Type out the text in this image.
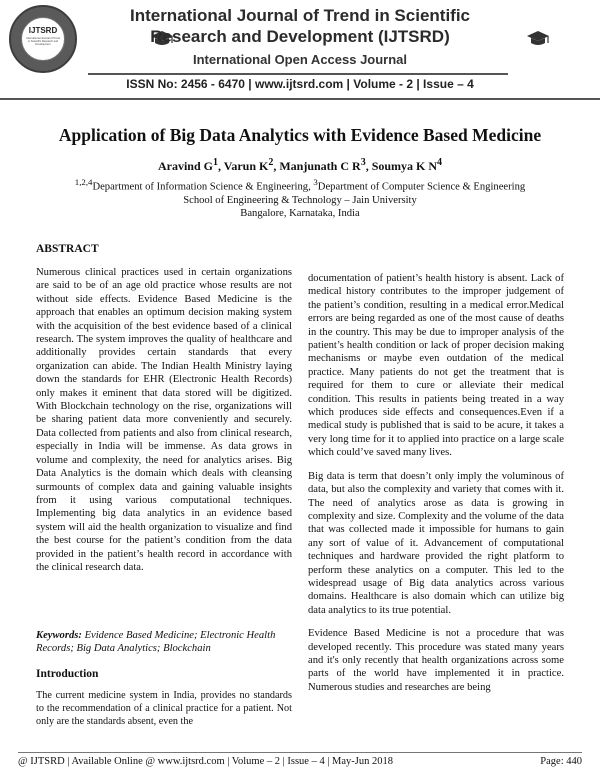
IJTSRD
International Journal of Trend in Scientific Research and Development
International Journal of Trend in Scientific
Research and Development (IJTSRD)
International Open Access Journal
ISSN No: 2456 - 6470 | www.ijtsrd.com | Volume - 2 | Issue – 4
Application of Big Data Analytics with Evidence Based Medicine
Aravind $G^1$, Varun $K^2$, Manjunath C $R^3$, Soumya K $N^4$
$^{1,2,4}$Department of Information Science & Engineering, $^3$Department of Computer Science & Engineering
School of Engineering & Technology – Jain University
Bangalore, Karnataka, India
ABSTRACT
Numerous clinical practices used in certain organizations are said to be of an age old practice whose results are not without side effects. Evidence Based Medicine is the approach that enables an optimum decision making system with the acquisition of the best evidence based of a clinical research. The system improves the quality of healthcare and additionally provides certain standards that every organization can abide. The Indian Health Ministry laying down the standards for EHR (Electronic Health Records) only makes it eminent that data stored will be digitized. With Blockchain technology on the rise, organizations will be sharing patient data more conveniently and securely. Data collected from patients and also from clinical research, especially in India will be immense. As data grows in volume and complexity, the need for analytics arises. Big Data Analytics is the domain which deals with cleansing surmounts of complex data and gaining valuable insights from it using various computational techniques. Implementing big data analytics in an evidence based system will aid the health organization to visualize and find the best course for the patient’s condition from the data provided in the patient’s health record in accordance with the clinical research data.
Keywords: Evidence Based Medicine; Electronic Health Records; Big Data Analytics; Blockchain
Introduction
The current medicine system in India, provides no standards to the recommendation of a clinical practice for a patient. Not only are the standards absent, even the

documentation of patient’s health history is absent. Lack of medical history contributes to the improper judgement of the patient’s condition, resulting in a medical error.Medical errors are being regarded as one of the most cause of deaths in the country. This may be due to improper analysis of the patient’s health condition or lack of proper decision making mechanisms or maybe even outdation of the medical practice. Many patients do not get the treatment that is required for them to cure or alleviate their medical condition. This results in patients being treated in a way which produces side effects and consequences.Even if a medical study is published that is said to be acure, it takes a very long time for it to applied into practice on a large scale which could’ve saved many lives.

Big data is term that doesn’t only imply the voluminous of data, but also the complexity and variety that comes with it. The need of analytics arose as data is growing in complexity and size. Complexity and the volume of the data that was collected made it impossible for humans to gain any sort of value of it. Advancement of computational techniques and hardware provided the right platform to perform these analytics on a computer. This led to the widespread usage of Big data analytics across various domains. Healthcare is also domain which can utilize big data analytics to its true potential.

Evidence Based Medicine is not a procedure that was developed recently. This procedure was stated many years and it's only recently that health organizations across some parts of the world have implemented it in practice. Numerous studies and researches are being

@ IJTSRD | Available Online @ www.ijtsrd.com | Volume – 2 | Issue – 4 | May-Jun 2018	Page: 440
